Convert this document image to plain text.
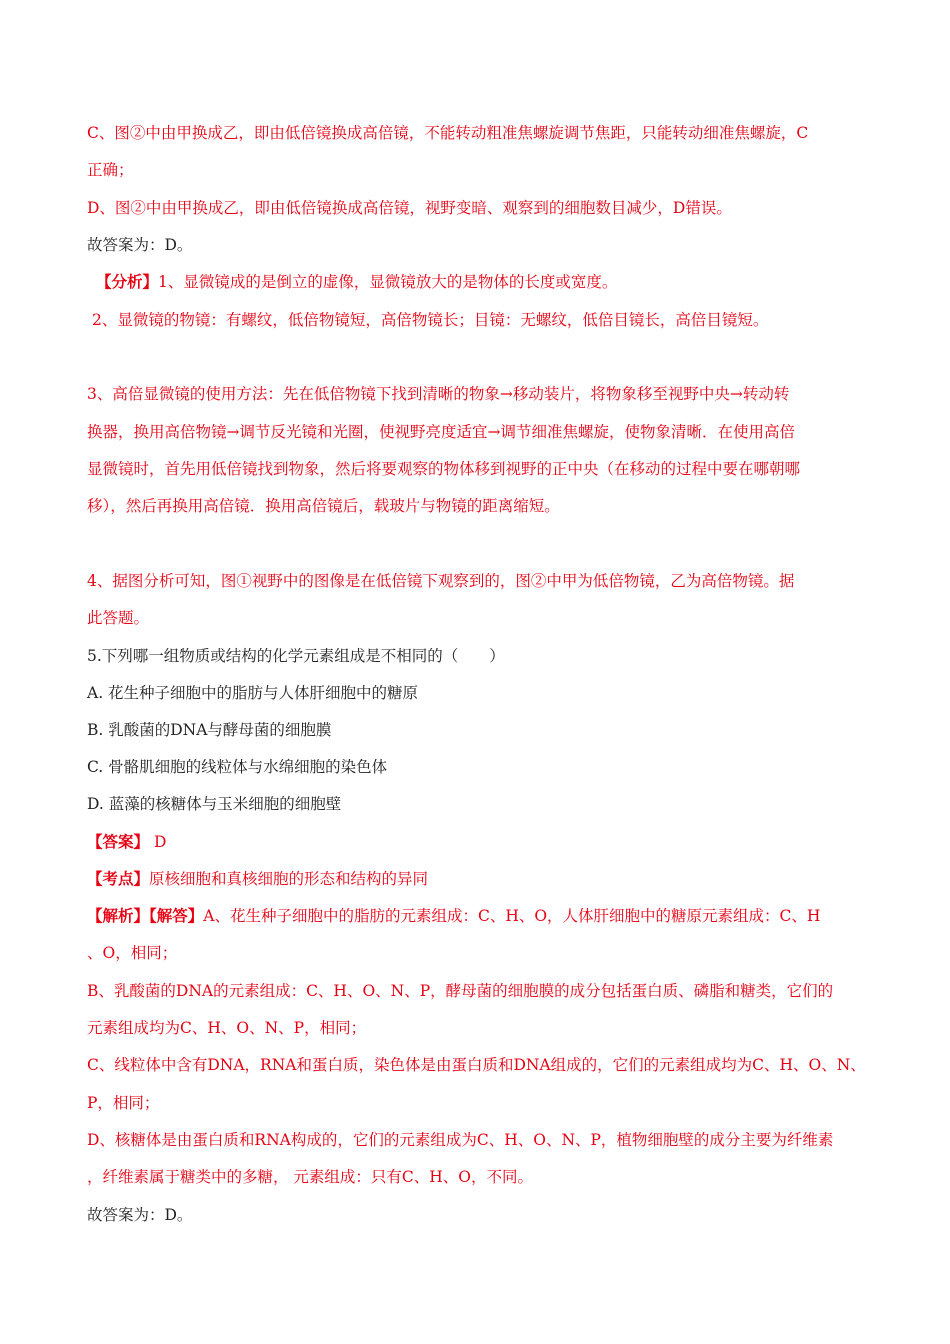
C、图②中由甲换成乙，即由低倍镜换成高倍镜，不能转动粗准焦螺旋调节焦距，只能转动细准焦螺旋，C
正确；
D、图②中由甲换成乙，即由低倍镜换成高倍镜，视野变暗、观察到的细胞数目减少，D错误。
故答案为：D。
【分析】1、显微镜成的是倒立的虚像，显微镜放大的是物体的长度或宽度。
2、显微镜的物镜：有螺纹，低倍物镜短，高倍物镜长；目镜：无螺纹，低倍目镜长，高倍目镜短。
3、高倍显微镜的使用方法：先在低倍物镜下找到清晰的物象→移动装片，将物象移至视野中央→转动转
换器，换用高倍物镜→调节反光镜和光圈，使视野亮度适宜→调节细准焦螺旋，使物象清晰．在使用高倍
显微镜时，首先用低倍镜找到物象，然后将要观察的物体移到视野的正中央（在移动的过程中要在哪朝哪
移），然后再换用高倍镜．换用高倍镜后，载玻片与物镜的距离缩短。
4、据图分析可知，图①视野中的图像是在低倍镜下观察到的，图②中甲为低倍物镜，乙为高倍物镜。据
此答题。
5.下列哪一组物质或结构的化学元素组成是不相同的（　　）
A. 花生种子细胞中的脂肪与人体肝细胞中的糖原
B. 乳酸菌的DNA与酵母菌的细胞膜
C. 骨骼肌细胞的线粒体与水绵细胞的染色体
D. 蓝藻的核糖体与玉米细胞的细胞壁
【答案】 D
【考点】原核细胞和真核细胞的形态和结构的异同
【解析】【解答】A、花生种子细胞中的脂肪的元素组成：C、H、O，人体肝细胞中的糖原元素组成：C、H
、O，相同；
B、乳酸菌的DNA的元素组成：C、H、O、N、P，酵母菌的细胞膜的成分包括蛋白质、磷脂和糖类，它们的
元素组成均为C、H、O、N、P，相同；
C、线粒体中含有DNA，RNA和蛋白质，染色体是由蛋白质和DNA组成的，它们的元素组成均为C、H、O、N、
P，相同；
D、核糖体是由蛋白质和RNA构成的，它们的元素组成为C、H、O、N、P，植物细胞壁的成分主要为纤维素
，纤维素属于糖类中的多糖， 元素组成：只有C、H、O，不同。
故答案为：D。
